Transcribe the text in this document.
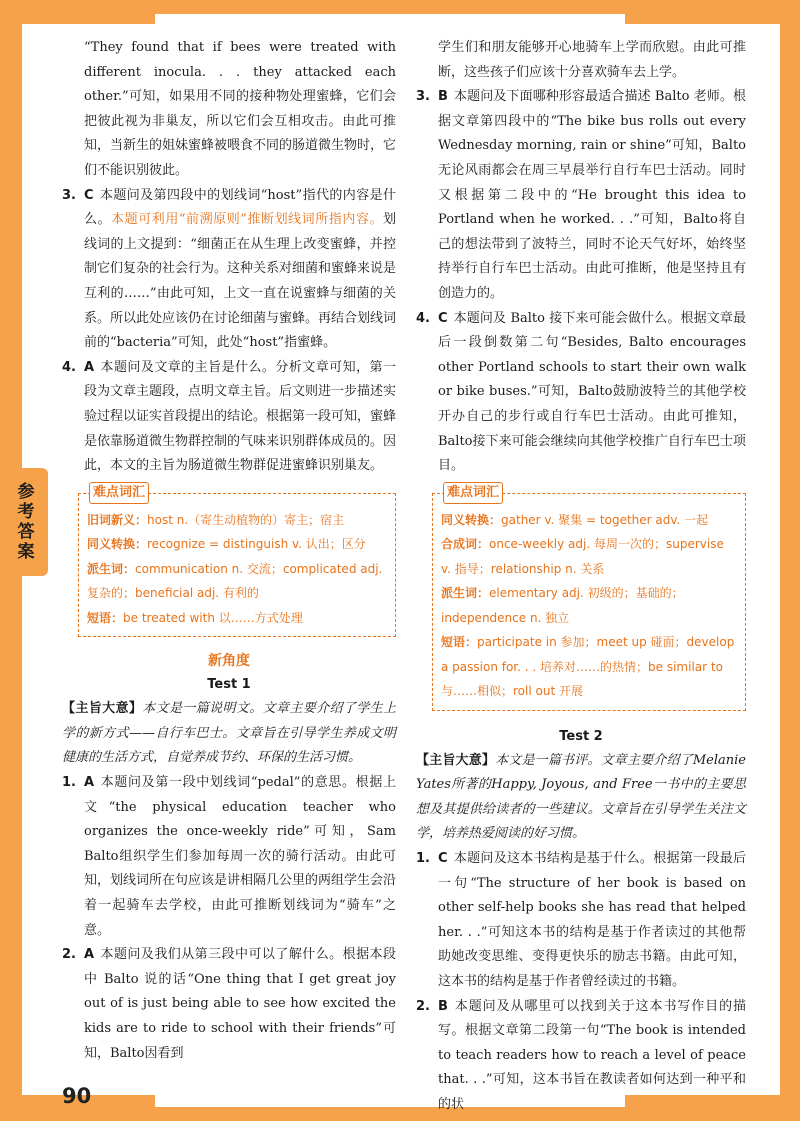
参考答案

“They found that if bees were treated with different inocula. . . they attacked each other.”可知，如果用不同的接种物处理蜜蜂，它们会把彼此视为非巢友，所以它们会互相攻击。由此可推知，当新生的姐妹蜜蜂被喂食不同的肠道微生物时，它们不能识别彼此。

3. C 本题问及第四段中的划线词“host”指代的内容是什么。本题可利用“前溯原则”推断划线词所指内容。划线词的上文提到：“细菌正在从生理上改变蜜蜂，并控制它们复杂的社会行为。这种关系对细菌和蜜蜂来说是互利的……”由此可知，上文一直在说蜜蜂与细菌的关系。所以此处应该仍在讨论细菌与蜜蜂。再结合划线词前的“bacteria”可知，此处“host”指蜜蜂。

4. A 本题问及文章的主旨是什么。分析文章可知，第一段为文章主题段，点明文章主旨。后文则进一步描述实验过程以证实首段提出的结论。根据第一段可知，蜜蜂是依靠肠道微生物群控制的气味来识别群体成员的。因此，本文的主旨为肠道微生物群促进蜜蜂识别巢友。

难点词汇
旧词新义：host n.（寄生动植物的）寄主；宿主
同义转换：recognize = distinguish v. 认出；区分
派生词：communication n. 交流；complicated adj. 复杂的；beneficial adj. 有利的
短语：be treated with 以……方式处理
新角度
Test 1

【主旨大意】本文是一篇说明文。文章主要介绍了学生上学的新方式——自行车巴士。文章旨在引导学生养成文明健康的生活方式，自觉养成节约、环保的生活习惯。

1. A 本题问及第一段中划线词“pedal”的意思。根据上文“the physical education teacher who organizes the once-weekly ride”可知，Sam Balto组织学生们参加每周一次的骑行活动。由此可知，划线词所在句应该是讲相隔几公里的两组学生会沿着一起骑车去学校，由此可推断划线词为“骑车”之意。

2. A 本题问及我们从第三段中可以了解什么。根据本段中 Balto 说的话“One thing that I get great joy out of is just being able to see how excited the kids are to ride to school with their friends”可知，Balto因看到

学生们和朋友能够开心地骑车上学而欣慰。由此可推断，这些孩子们应该十分喜欢骑车去上学。

3. B 本题问及下面哪种形容最适合描述 Balto 老师。根据文章第四段中的“The bike bus rolls out every Wednesday morning, rain or shine”可知，Balto无论风雨都会在周三早晨举行自行车巴士活动。同时又根据第二段中的“He brought this idea to Portland when he worked. . .”可知，Balto将自己的想法带到了波特兰，同时不论天气好坏，始终坚持举行自行车巴士活动。由此可推断，他是坚持且有创造力的。

4. C 本题问及 Balto 接下来可能会做什么。根据文章最后一段倒数第二句“Besides, Balto encourages other Portland schools to start their own walk or bike buses.”可知，Balto鼓励波特兰的其他学校开办自己的步行或自行车巴士活动。由此可推知，Balto接下来可能会继续向其他学校推广自行车巴士项目。

难点词汇
同义转换：gather v. 聚集 = together adv. 一起
合成词：once-weekly adj. 每周一次的；supervise v. 指导；relationship n. 关系
派生词：elementary adj. 初级的；基础的；independence n. 独立
短语：participate in 参加；meet up 碰面；develop a passion for. . . 培养对……的热情；be similar to 与……相似；roll out 开展
Test 2

【主旨大意】本文是一篇书评。文章主要介绍了Melanie Yates所著的Happy, Joyous, and Free一书中的主要思想及其提供给读者的一些建议。文章旨在引导学生关注文学，培养热爱阅读的好习惯。

1. C 本题问及这本书结构是基于什么。根据第一段最后一句“The structure of her book is based on other self-help books she has read that helped her. . .”可知这本书的结构是基于作者读过的其他帮助她改变思维、变得更快乐的励志书籍。由此可知，这本书的结构是基于作者曾经读过的书籍。

2. B 本题问及从哪里可以找到关于这本书写作目的描写。根据文章第二段第一句“The book is intended to teach readers how to reach a level of peace that. . .”可知，这本书旨在教读者如何达到一种平和的状

90
